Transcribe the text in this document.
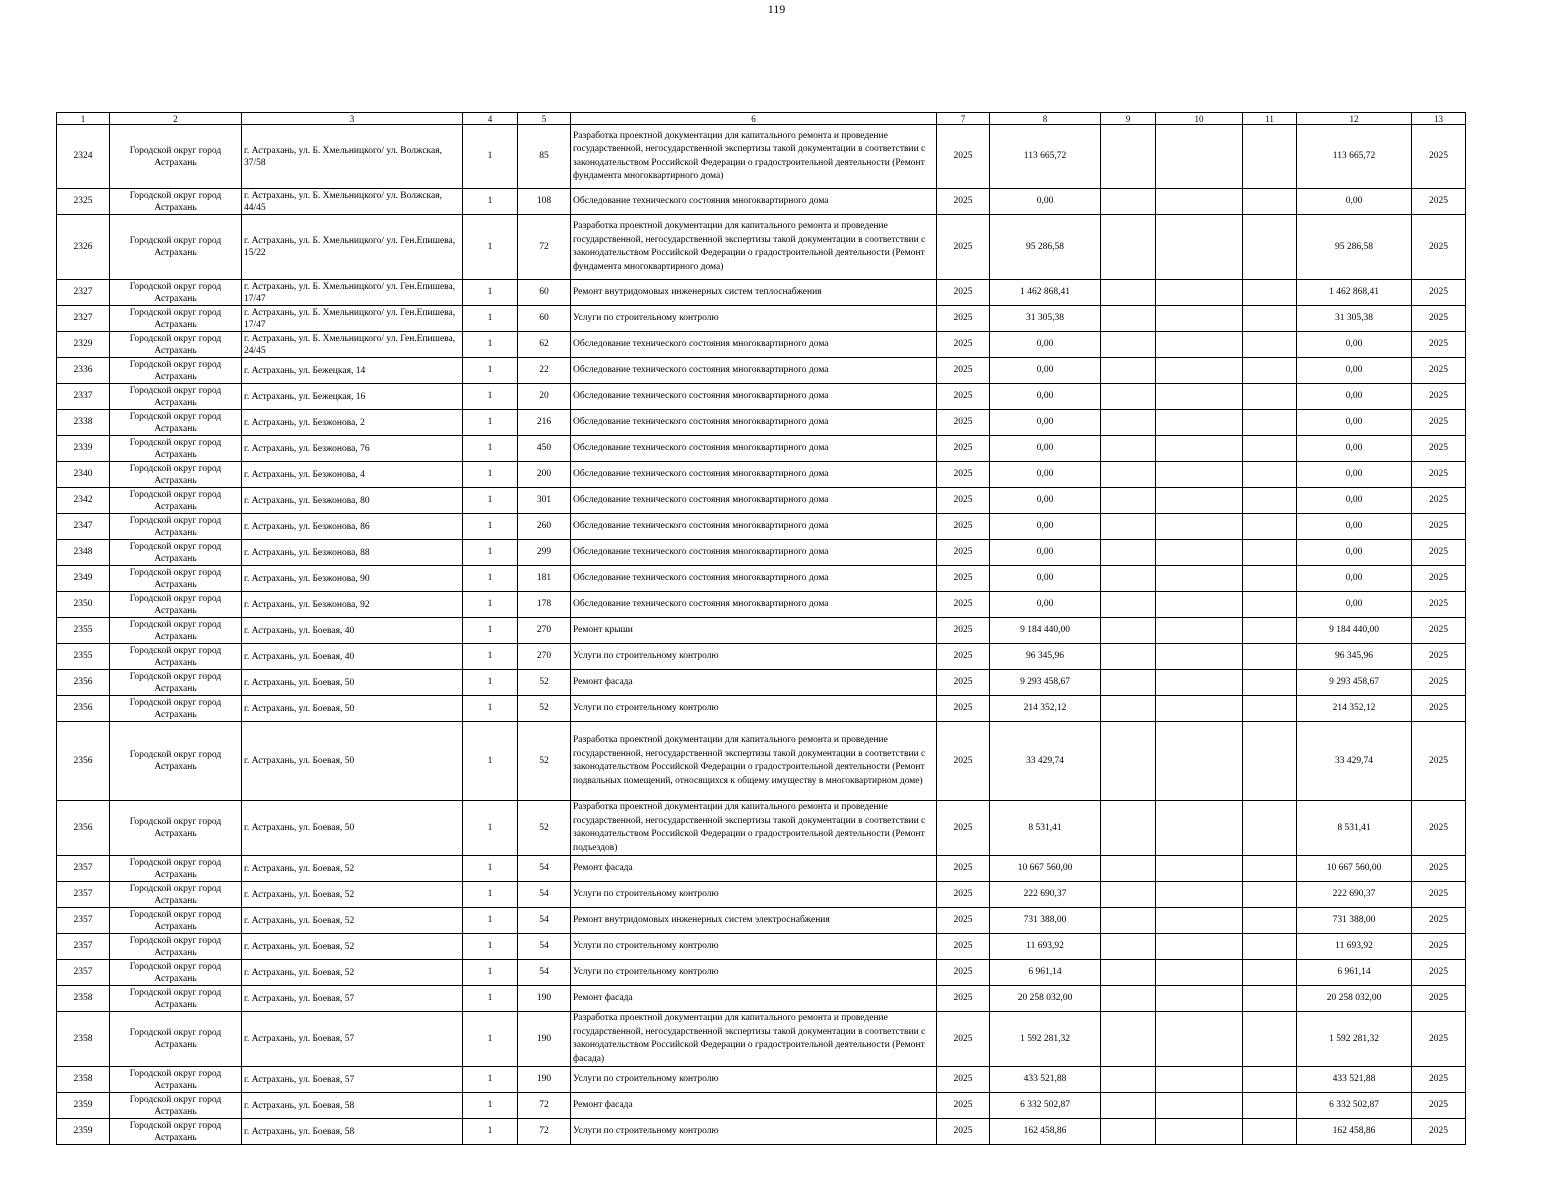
119
1	2	3	4	5	6	7	8	9	10	11	12	13
2324	Городской округ город Астрахань	г. Астрахань, ул. Б. Хмельницкого/ ул. Волжская, 37/58	1	85	Разработка проектной документации для капитального ремонта и проведение государственной, негосударственной экспертизы такой документации в соответствии с законодательством Российской Федерации о градостроительной деятельности (Ремонт фундамента многоквартирного дома)	2025	113 665,72				113 665,72	2025
2325	Городской округ город Астрахань	г. Астрахань, ул. Б. Хмельницкого/ ул. Волжская, 44/45	1	108	Обследование технического состояния многоквартирного дома	2025	0,00				0,00	2025
2326	Городской округ город Астрахань	г. Астрахань, ул. Б. Хмельницкого/ ул. Ген.Епишева, 15/22	1	72	Разработка проектной документации для капитального ремонта и проведение государственной, негосударственной экспертизы такой документации в соответствии с законодательством Российской Федерации о градостроительной деятельности (Ремонт фундамента многоквартирного дома)	2025	95 286,58				95 286,58	2025
2327	Городской округ город Астрахань	г. Астрахань, ул. Б. Хмельницкого/ ул. Ген.Епишева, 17/47	1	60	Ремонт внутридомовых инженерных систем теплоснабжения	2025	1 462 868,41				1 462 868,41	2025
2327	Городской округ город Астрахань	г. Астрахань, ул. Б. Хмельницкого/ ул. Ген.Епишева, 17/47	1	60	Услуги по строительному контролю	2025	31 305,38				31 305,38	2025
2329	Городской округ город Астрахань	г. Астрахань, ул. Б. Хмельницкого/ ул. Ген.Епишева, 24/45	1	62	Обследование технического состояния многоквартирного дома	2025	0,00				0,00	2025
2336	Городской округ город Астрахань	г. Астрахань, ул. Бежецкая, 14	1	22	Обследование технического состояния многоквартирного дома	2025	0,00				0,00	2025
2337	Городской округ город Астрахань	г. Астрахань, ул. Бежецкая, 16	1	20	Обследование технического состояния многоквартирного дома	2025	0,00				0,00	2025
2338	Городской округ город Астрахань	г. Астрахань, ул. Безжонова, 2	1	216	Обследование технического состояния многоквартирного дома	2025	0,00				0,00	2025
2339	Городской округ город Астрахань	г. Астрахань, ул. Безжонова, 76	1	450	Обследование технического состояния многоквартирного дома	2025	0,00				0,00	2025
2340	Городской округ город Астрахань	г. Астрахань, ул. Безжонова, 4	1	200	Обследование технического состояния многоквартирного дома	2025	0,00				0,00	2025
2342	Городской округ город Астрахань	г. Астрахань, ул. Безжонова, 80	1	301	Обследование технического состояния многоквартирного дома	2025	0,00				0,00	2025
2347	Городской округ город Астрахань	г. Астрахань, ул. Безжонова, 86	1	260	Обследование технического состояния многоквартирного дома	2025	0,00				0,00	2025
2348	Городской округ город Астрахань	г. Астрахань, ул. Безжонова, 88	1	299	Обследование технического состояния многоквартирного дома	2025	0,00				0,00	2025
2349	Городской округ город Астрахань	г. Астрахань, ул. Безжонова, 90	1	181	Обследование технического состояния многоквартирного дома	2025	0,00				0,00	2025
2350	Городской округ город Астрахань	г. Астрахань, ул. Безжонова, 92	1	178	Обследование технического состояния многоквартирного дома	2025	0,00				0,00	2025
2355	Городской округ город Астрахань	г. Астрахань, ул. Боевая, 40	1	270	Ремонт крыши	2025	9 184 440,00				9 184 440,00	2025
2355	Городской округ город Астрахань	г. Астрахань, ул. Боевая, 40	1	270	Услуги по строительному контролю	2025	96 345,96				96 345,96	2025
2356	Городской округ город Астрахань	г. Астрахань, ул. Боевая, 50	1	52	Ремонт фасада	2025	9 293 458,67				9 293 458,67	2025
2356	Городской округ город Астрахань	г. Астрахань, ул. Боевая, 50	1	52	Услуги по строительному контролю	2025	214 352,12				214 352,12	2025
2356	Городской округ город Астрахань	г. Астрахань, ул. Боевая, 50	1	52	Разработка проектной документации для капитального ремонта и проведение государственной, негосударственной экспертизы такой документации в соответствии с законодательством Российской Федерации о градостроительной деятельности (Ремонт подвальных помещений, относящихся к общему имуществу в многоквартирном доме)	2025	33 429,74				33 429,74	2025
2356	Городской округ город Астрахань	г. Астрахань, ул. Боевая, 50	1	52	Разработка проектной документации для капитального ремонта и проведение государственной, негосударственной экспертизы такой документации в соответствии с законодательством Российской Федерации о градостроительной деятельности (Ремонт подъездов)	2025	8 531,41				8 531,41	2025
2357	Городской округ город Астрахань	г. Астрахань, ул. Боевая, 52	1	54	Ремонт фасада	2025	10 667 560,00				10 667 560,00	2025
2357	Городской округ город Астрахань	г. Астрахань, ул. Боевая, 52	1	54	Услуги по строительному контролю	2025	222 690,37				222 690,37	2025
2357	Городской округ город Астрахань	г. Астрахань, ул. Боевая, 52	1	54	Ремонт внутридомовых инженерных систем электроснабжения	2025	731 388,00				731 388,00	2025
2357	Городской округ город Астрахань	г. Астрахань, ул. Боевая, 52	1	54	Услуги по строительному контролю	2025	11 693,92				11 693,92	2025
2357	Городской округ город Астрахань	г. Астрахань, ул. Боевая, 52	1	54	Услуги по строительному контролю	2025	6 961,14				6 961,14	2025
2358	Городской округ город Астрахань	г. Астрахань, ул. Боевая, 57	1	190	Ремонт фасада	2025	20 258 032,00				20 258 032,00	2025
2358	Городской округ город Астрахань	г. Астрахань, ул. Боевая, 57	1	190	Разработка проектной документации для капитального ремонта и проведение государственной, негосударственной экспертизы такой документации в соответствии с законодательством Российской Федерации о градостроительной деятельности (Ремонт фасада)	2025	1 592 281,32				1 592 281,32	2025
2358	Городской округ город Астрахань	г. Астрахань, ул. Боевая, 57	1	190	Услуги по строительному контролю	2025	433 521,88				433 521,88	2025
2359	Городской округ город Астрахань	г. Астрахань, ул. Боевая, 58	1	72	Ремонт фасада	2025	6 332 502,87				6 332 502,87	2025
2359	Городской округ город Астрахань	г. Астрахань, ул. Боевая, 58	1	72	Услуги по строительному контролю	2025	162 458,86				162 458,86	2025
